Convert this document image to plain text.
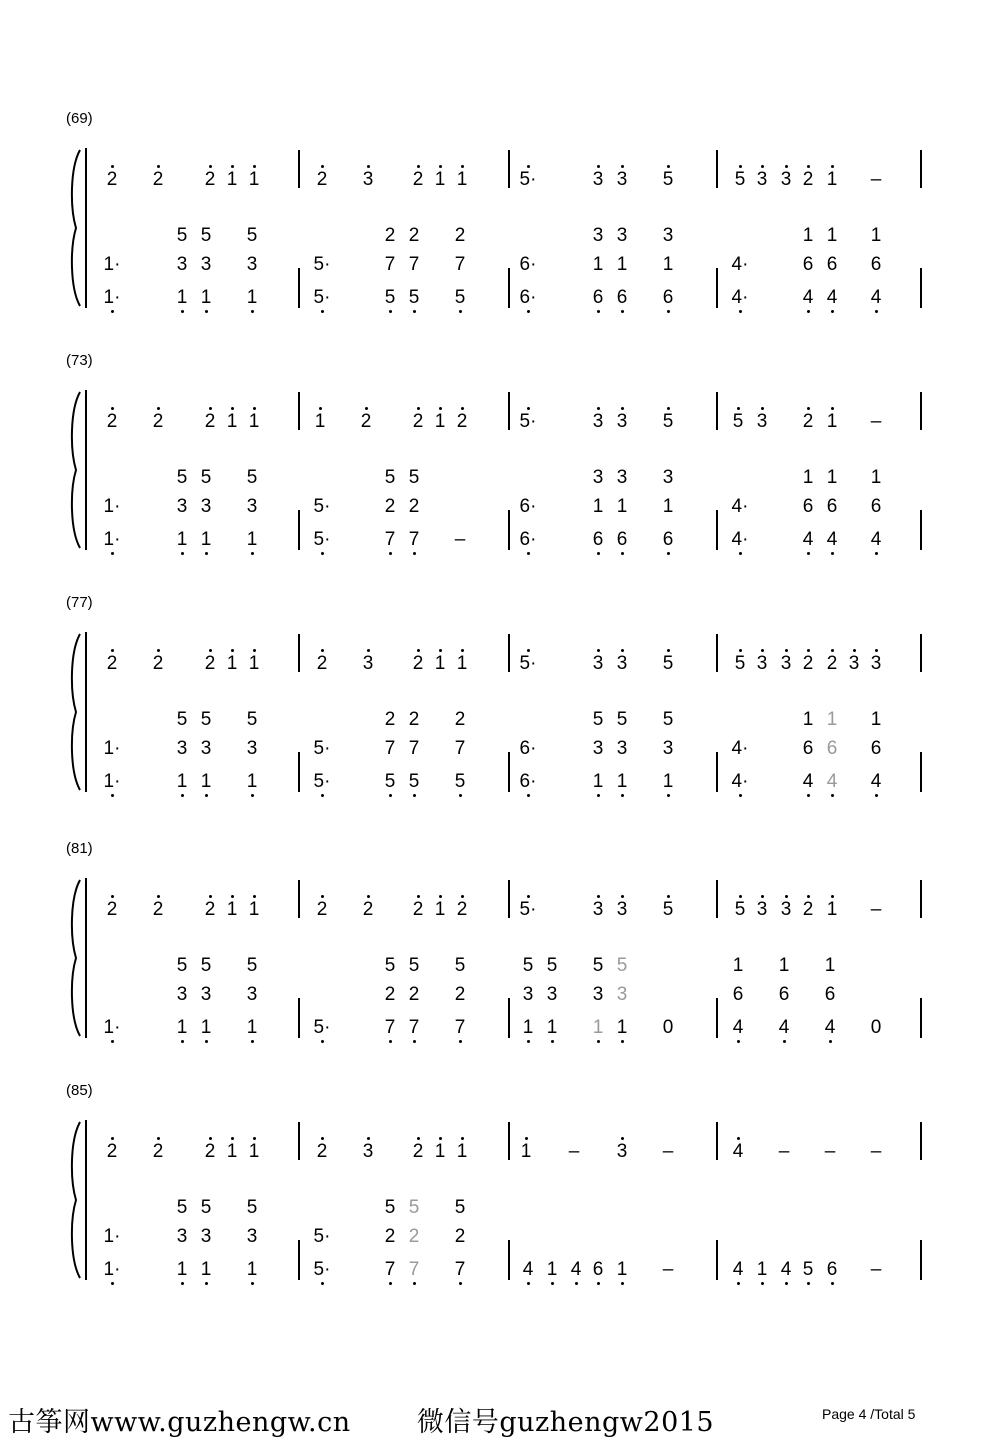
(69)
2	2	2 1 1	2	3	2 1 1	5·	3 3	5	5 3 3 2 1	–
5 5	5	2 2	2	3 3	3	1 1	1
1·	3 3	3	5·	7 7	7	6·	1 1	1	4·	6 6	6
1·	1 1	1	5·	5 5	5	6·	6 6	6	4·	4 4	4
(73)
2	2	2 1 1	1	2	2 1 2	5·	3 3	5	5 3	2 1	–
5 5	5	5 5	3 3	3	1 1	1
1·	3 3	3	5·	2 2	6·	1 1	1	4·	6 6	6
1·	1 1	1	5·	7 7	–	6·	6 6	6	4·	4 4	4
(77)
2	2	2 1 1	2	3	2 1 1	5·	3 3	5	5 3 3 2 2 3 3
5 5	5	2 2	2	5 5	5	1 1	1
1·	3 3	3	5·	7 7	7	6·	3 3	3	4·	6 6	6
1·	1 1	1	5·	5 5	5	6·	1 1	1	4·	4 4	4
(81)
2	2	2 1 1	2	2	2 1 2	5·	3 3	5	5 3 3 2 1	–
5 5	5	5 5	5	5 5	5 5	1	1	1
3 3	3	2 2	2	3 3	3 3	6	6	6
1·	1 1	1	5·	7 7	7	1 1	1 1	0	4	4	4	0
(85)
2	2	2 1 1	2	3	2 1 1	1	–	3	–	4	–	–	–
5 5	5	5 5	5
1·	3 3	3	5·	2 2	2
1·	1 1	1	5·	7 7	7	4 1 4 6 1	–	4 1 4 5 6	–
古筝网www.guzhengw.cn 微信号guzhengw2015	Page 4 /Total 5
